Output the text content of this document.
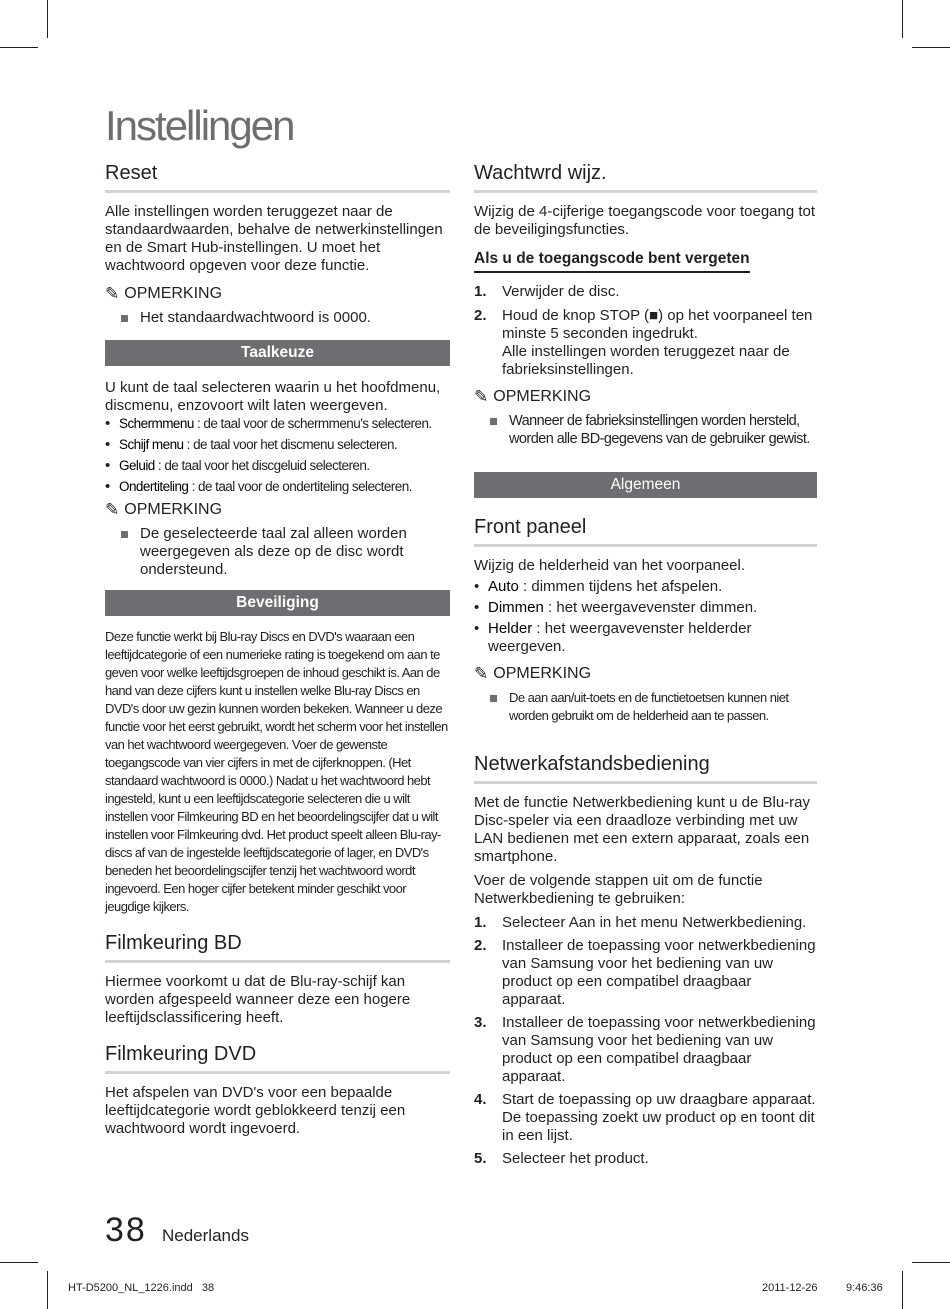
Instellingen
Reset

Alle instellingen worden teruggezet naar de standaardwaarden, behalve de netwerkinstellingen en de Smart Hub-instellingen. U moet het wachtwoord opgeven voor deze functie.

✎ OPMERKING
Het standaardwachtwoord is 0000.
Taalkeuze

U kunt de taal selecteren waarin u het hoofdmenu, discmenu, enzovoort wilt laten weergeven.

• Schermmenu : de taal voor de schermmenu's selecteren.
• Schijf menu : de taal voor het discmenu selecteren.
• Geluid : de taal voor het discgeluid selecteren.
• Ondertiteling : de taal voor de ondertiteling selecteren.
✎ OPMERKING
De geselecteerde taal zal alleen worden weergegeven als deze op de disc wordt ondersteund.
Beveiliging

Deze functie werkt bij Blu-ray Discs en DVD's waaraan een leeftijdcategorie of een numerieke rating is toegekend om aan te geven voor welke leeftijdsgroepen de inhoud geschikt is. Aan de hand van deze cijfers kunt u instellen welke Blu-ray Discs en DVD's door uw gezin kunnen worden bekeken. Wanneer u deze functie voor het eerst gebruikt, wordt het scherm voor het instellen van het wachtwoord weergegeven. Voer de gewenste toegangscode van vier cijfers in met de cijferknoppen. (Het standaard wachtwoord is 0000.) Nadat u het wachtwoord hebt ingesteld, kunt u een leeftijdscategorie selecteren die u wilt instellen voor Filmkeuring BD en het beoordelingscijfer dat u wilt instellen voor Filmkeuring dvd. Het product speelt alleen Blu-ray-discs af van de ingestelde leeftijdscategorie of lager, en DVD's beneden het beoordelingscijfer tenzij het wachtwoord wordt ingevoerd. Een hoger cijfer betekent minder geschikt voor jeugdige kijkers.

Filmkeuring BD

Hiermee voorkomt u dat de Blu-ray-schijf kan worden afgespeeld wanneer deze een hogere leeftijdsclassificering heeft.

Filmkeuring DVD

Het afspelen van DVD's voor een bepaalde leeftijdcategorie wordt geblokkeerd tenzij een wachtwoord wordt ingevoerd.

Wachtwrd wijz.

Wijzig de 4-cijferige toegangscode voor toegang tot de beveiligingsfuncties.

Als u de toegangscode bent vergeten
1.	Verwijder de disc.
2.	Houd de knop STOP (■) op het voorpaneel ten minste 5 seconden ingedrukt.
Alle instellingen worden teruggezet naar de fabrieksinstellingen.
✎ OPMERKING
Wanneer de fabrieksinstellingen worden hersteld, worden alle BD-gegevens van de gebruiker gewist.
Algemeen
Front paneel

Wijzig de helderheid van het voorpaneel.

• Auto : dimmen tijdens het afspelen.
• Dimmen : het weergavevenster dimmen.
• Helder : het weergavevenster helderder weergeven.
✎ OPMERKING
De aan aan/uit-toets en de functietoetsen kunnen niet worden gebruikt om de helderheid aan te passen.
Netwerkafstandsbediening

Met de functie Netwerkbediening kunt u de Blu-ray Disc-speler via een draadloze verbinding met uw LAN bedienen met een extern apparaat, zoals een smartphone.

Voer de volgende stappen uit om de functie Netwerkbediening te gebruiken:

1.	Selecteer Aan in het menu Netwerkbediening.
2.	Installeer de toepassing voor netwerkbediening van Samsung voor het bediening van uw product op een compatibel draagbaar apparaat.
3.	Installeer de toepassing voor netwerkbediening van Samsung voor het bediening van uw product op een compatibel draagbaar apparaat.
4.	Start de toepassing op uw draagbare apparaat. De toepassing zoekt uw product op en toont dit in een lijst.
5.	Selecteer het product.
38 Nederlands
HT-D5200_NL_1226.indd   38	2011-12-26	9:46:36
